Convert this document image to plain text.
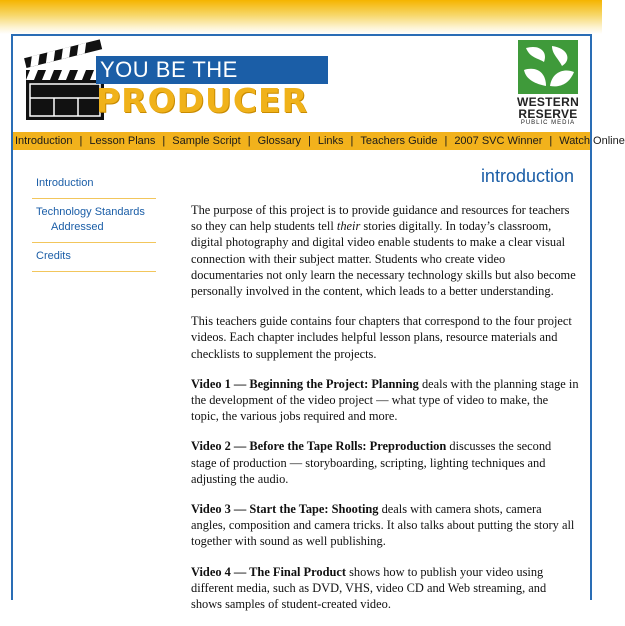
YOU BE THE
PRODUCER	WESTERN
RESERVE
PUBLIC MEDIA
Introduction | Lesson Plans | Sample Script | Glossary | Links | Teachers Guide | 2007 SVC Winner | Watch Online
Introduction
Technology Standards
Addressed
Credits
introduction

The purpose of this project is to provide guidance and resources for teachers so they can help students tell their stories digitally. In today’s classroom, digital photography and digital video enable students to make a clear visual connection with their subject matter. Students who create video documentaries not only learn the necessary technology skills but also become personally involved in the content, which leads to a better understanding.

This teachers guide contains four chapters that correspond to the four project videos. Each chapter includes helpful lesson plans, resource materials and checklists to supplement the projects.

Video 1 — Beginning the Project: Planning deals with the planning stage in the development of the video project — what type of video to make, the topic, the various jobs required and more.

Video 2 — Before the Tape Rolls: Preproduction discusses the second stage of production — storyboarding, scripting, lighting techniques and adjusting the audio.

Video 3 — Start the Tape: Shooting deals with camera shots, camera angles, composition and camera tricks. It also talks about putting the story all together with sound as well publishing.

Video 4 — The Final Product shows how to publish your video using different media, such as DVD, VHS, video CD and Web streaming, and shows samples of student-created video.
